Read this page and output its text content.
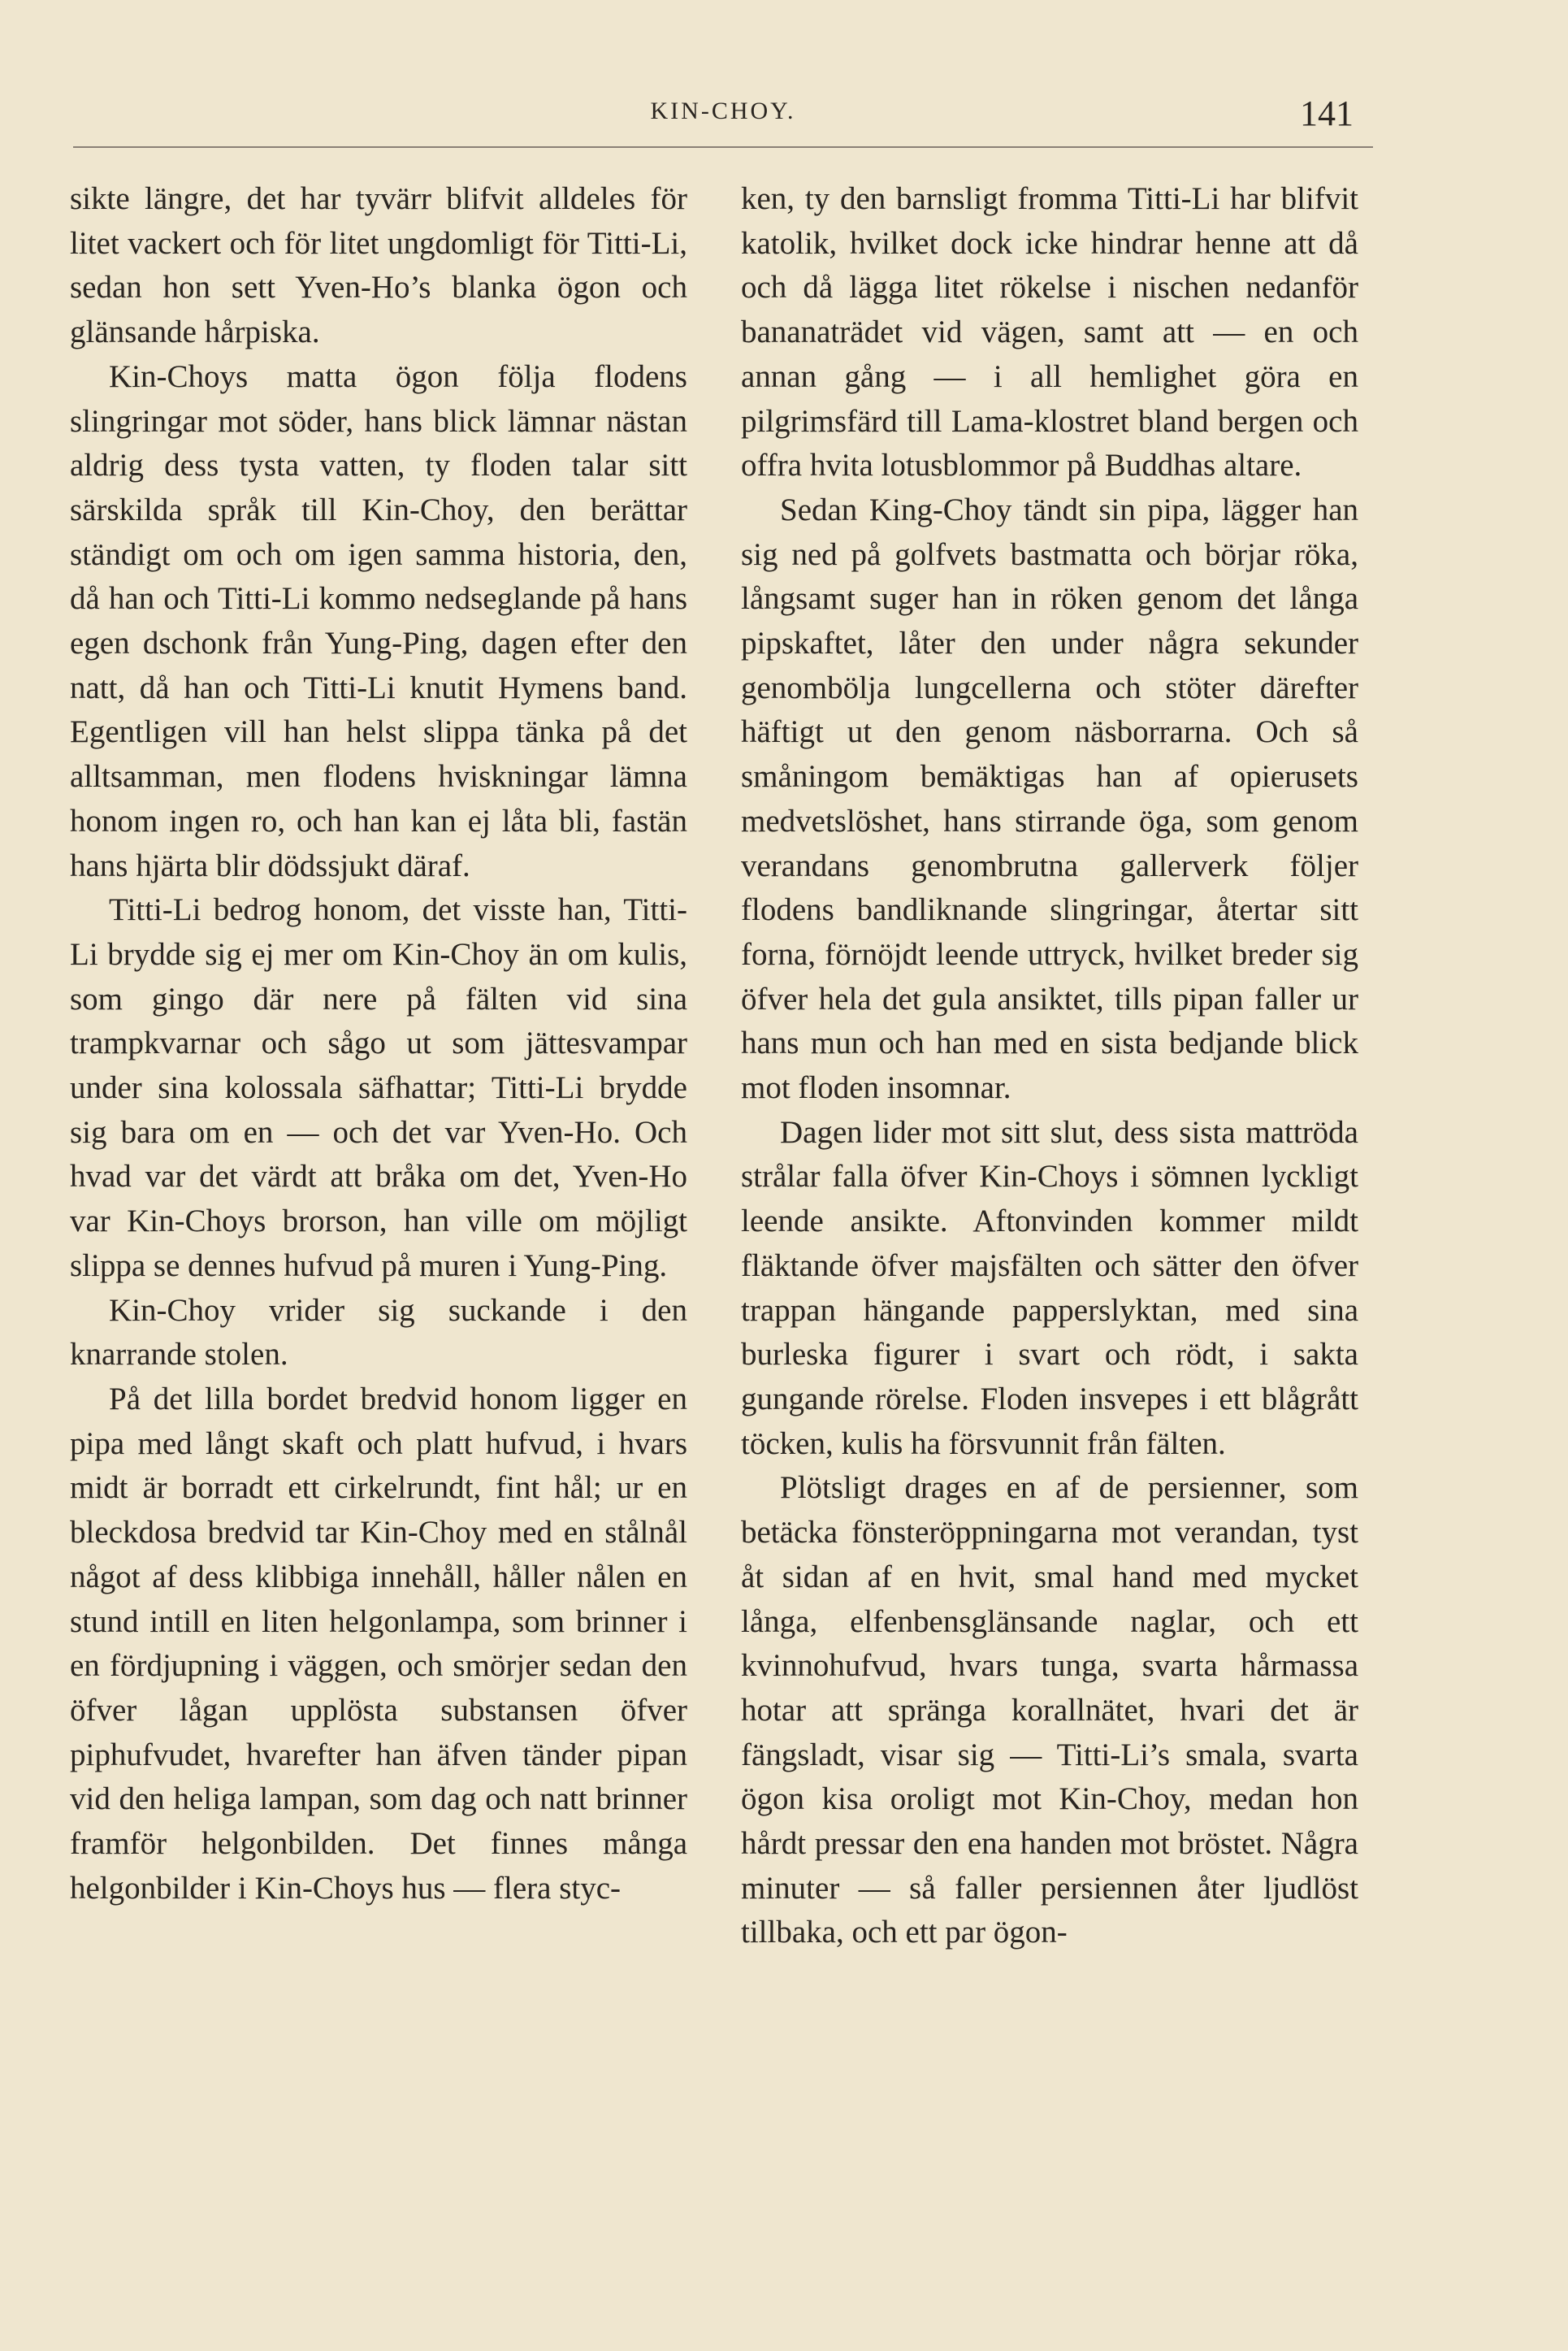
KIN-CHOY.	141

sikte längre, det har tyvärr blifvit alldeles för litet vackert och för litet ungdomligt för Titti-Li, sedan hon sett Yven-Ho’s blanka ögon och glänsande hårpiska.

Kin-Choys matta ögon följa flodens slingringar mot söder, hans blick lämnar nästan aldrig dess tysta vatten, ty floden talar sitt särskilda språk till Kin-Choy, den berättar ständigt om och om igen samma historia, den, då han och Titti-Li kommo nedseglande på hans egen dschonk från Yung-Ping, dagen efter den natt, då han och Titti-Li knutit Hymens band. Egentligen vill han helst slippa tänka på det alltsamman, men flodens hviskningar lämna honom ingen ro, och han kan ej låta bli, fastän hans hjärta blir dödssjukt däraf.

Titti-Li bedrog honom, det visste han, Titti-Li brydde sig ej mer om Kin-Choy än om kulis, som gingo där nere på fälten vid sina trampkvarnar och sågo ut som jättesvampar under sina kolossala säfhattar; Titti-Li brydde sig bara om en — och det var Yven-Ho. Och hvad var det värdt att bråka om det, Yven-Ho var Kin-Choys brorson, han ville om möjligt slippa se dennes hufvud på muren i Yung-Ping.

Kin-Choy vrider sig suckande i den knarrande stolen.

På det lilla bordet bredvid honom ligger en pipa med långt skaft och platt hufvud, i hvars midt är borradt ett cirkelrundt, fint hål; ur en bleckdosa bredvid tar Kin-Choy med en stålnål något af dess klibbiga innehåll, håller nålen en stund intill en liten helgonlampa, som brinner i en fördjupning i väggen, och smörjer sedan den öfver lågan upplösta substansen öfver piphufvudet, hvarefter han äfven tänder pipan vid den heliga lampan, som dag och natt brinner framför helgonbilden. Det finnes många helgonbilder i Kin-Choys hus — flera styc-

ken, ty den barnsligt fromma Titti-Li har blifvit katolik, hvilket dock icke hindrar henne att då och då lägga litet rökelse i nischen nedanför bananaträdet vid vägen, samt att — en och annan gång — i all hemlighet göra en pilgrimsfärd till Lama-klostret bland bergen och offra hvita lotusblommor på Buddhas altare.

Sedan King-Choy tändt sin pipa, lägger han sig ned på golfvets bastmatta och börjar röka, långsamt suger han in röken genom det långa pipskaftet, låter den under några sekunder genombölja lungcellerna och stöter därefter häftigt ut den genom näsborrarna. Och så småningom bemäktigas han af opierusets medvetslöshet, hans stirrande öga, som genom verandans genombrutna gallerverk följer flodens bandliknande slingringar, återtar sitt forna, förnöjdt leende uttryck, hvilket breder sig öfver hela det gula ansiktet, tills pipan faller ur hans mun och han med en sista bedjande blick mot floden insomnar.

Dagen lider mot sitt slut, dess sista mattröda strålar falla öfver Kin-Choys i sömnen lyckligt leende ansikte. Aftonvinden kommer mildt fläktande öfver majsfälten och sätter den öfver trappan hängande papperslyktan, med sina burleska figurer i svart och rödt, i sakta gungande rörelse. Floden insvepes i ett blågrått töcken, kulis ha försvunnit från fälten.

Plötsligt drages en af de persienner, som betäcka fönsteröppningarna mot verandan, tyst åt sidan af en hvit, smal hand med mycket långa, elfenbensglänsande naglar, och ett kvinnohufvud, hvars tunga, svarta hårmassa hotar att spränga korallnätet, hvari det är fängsladt, visar sig — Titti-Li’s smala, svarta ögon kisa oroligt mot Kin-Choy, medan hon hårdt pressar den ena handen mot bröstet. Några minuter — så faller persiennen åter ljudlöst tillbaka, och ett par ögon-
